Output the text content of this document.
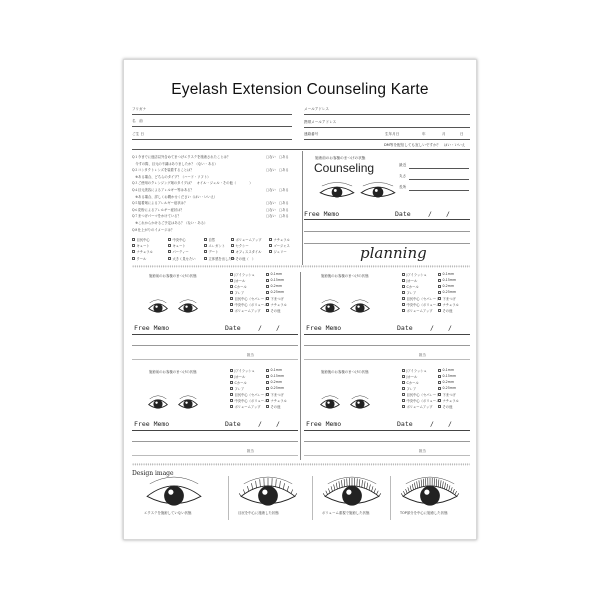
Eyelash Extension Counseling Karte
フリガナ
名　前
ご生 日
メールアドレス
携帯メールアドレス
連絡番号	生年月日	年	月	日
DM等を配信しても宜しいですか？　はい・いいえ
Q１今までに他店以外含めてまつげエクステを施術されたことは？	□ない　□ある
　今すの際、目元の不調はありましたか？（ない・ある）
Q２コンタクトレンズを装着することは？	□ない　□ある
　※ある場合、どちらのタイプ？（ハード・ソフト）
Q３ご使用のクレンジング剤のタイプは？　オイル・ジェル・その他（　　　　）
Q４目元美容によるアレルギー等はある？	□ない　□ある
　※ある場合、詳しくお聞かせください（はい・いいえ）
Q５接着剤によるアレルギー症状は？	□ない　□ある
Q６花粉によるアレルギー症状は？	□ない　□ある
Q７まつげパーマをかけている？	□ない　□ある
　※これからかけるご予定はある？（ない・ある）
Q８仕上がりのイメージは？
目尻中心	中央中心	自然	ボリュームアップ	ナチュラル
キュート	キュート	エレガント	セクシー	ゴージャス
ナチュラル	パーティー	デート	オフィススタイル	ジェリー
クール	大きく見せたい	立体感を出したい その他（　）
施術前のお客様のまつげの状態
Counseling	最近
丸さ
長所
Free Memo	Date	/ /
planning
施術前のお客様のまつげの状態	Jアイラッシュ
Jカール
Cカール
フレア
目尻中心（セパレート）
中央中心（ボリューム）
ボリュームアップ
0.1mm
0.15mm
0.2mm
0.25mm
下まつげ
ナチュラル
その他
Free Memo	Date	/ /
担当
施術後のお客様のまつげの状態	Jアイラッシュ
Jカール
Cカール
フレア
目尻中心（セパレート）
中央中心（ボリューム）
ボリュームアップ
0.1mm
0.15mm
0.2mm
0.25mm
下まつげ
ナチュラル
その他
Free Memo	Date	/ /
担当
施術前のお客様のまつげの状態	Jアイラッシュ
Jカール
Cカール
フレア
目尻中心（セパレート）
中央中心（ボリューム）
ボリュームアップ
0.1mm
0.15mm
0.2mm
0.25mm
下まつげ
ナチュラル
その他
Free Memo	Date	/ /
担当
施術後のお客様のまつげの状態	Jアイラッシュ
Jカール
Cカール
フレア
目尻中心（セパレート）
中央中心（ボリューム）
ボリュームアップ
0.1mm
0.15mm
0.2mm
0.25mm
下まつげ
ナチュラル
その他
Free Memo	Date	/ /
担当
Design image
エクステを施術していない状態	目尻を中心に施術した状態	ボリューム重視で施術した状態	TOP部分を中心に施術した状態
